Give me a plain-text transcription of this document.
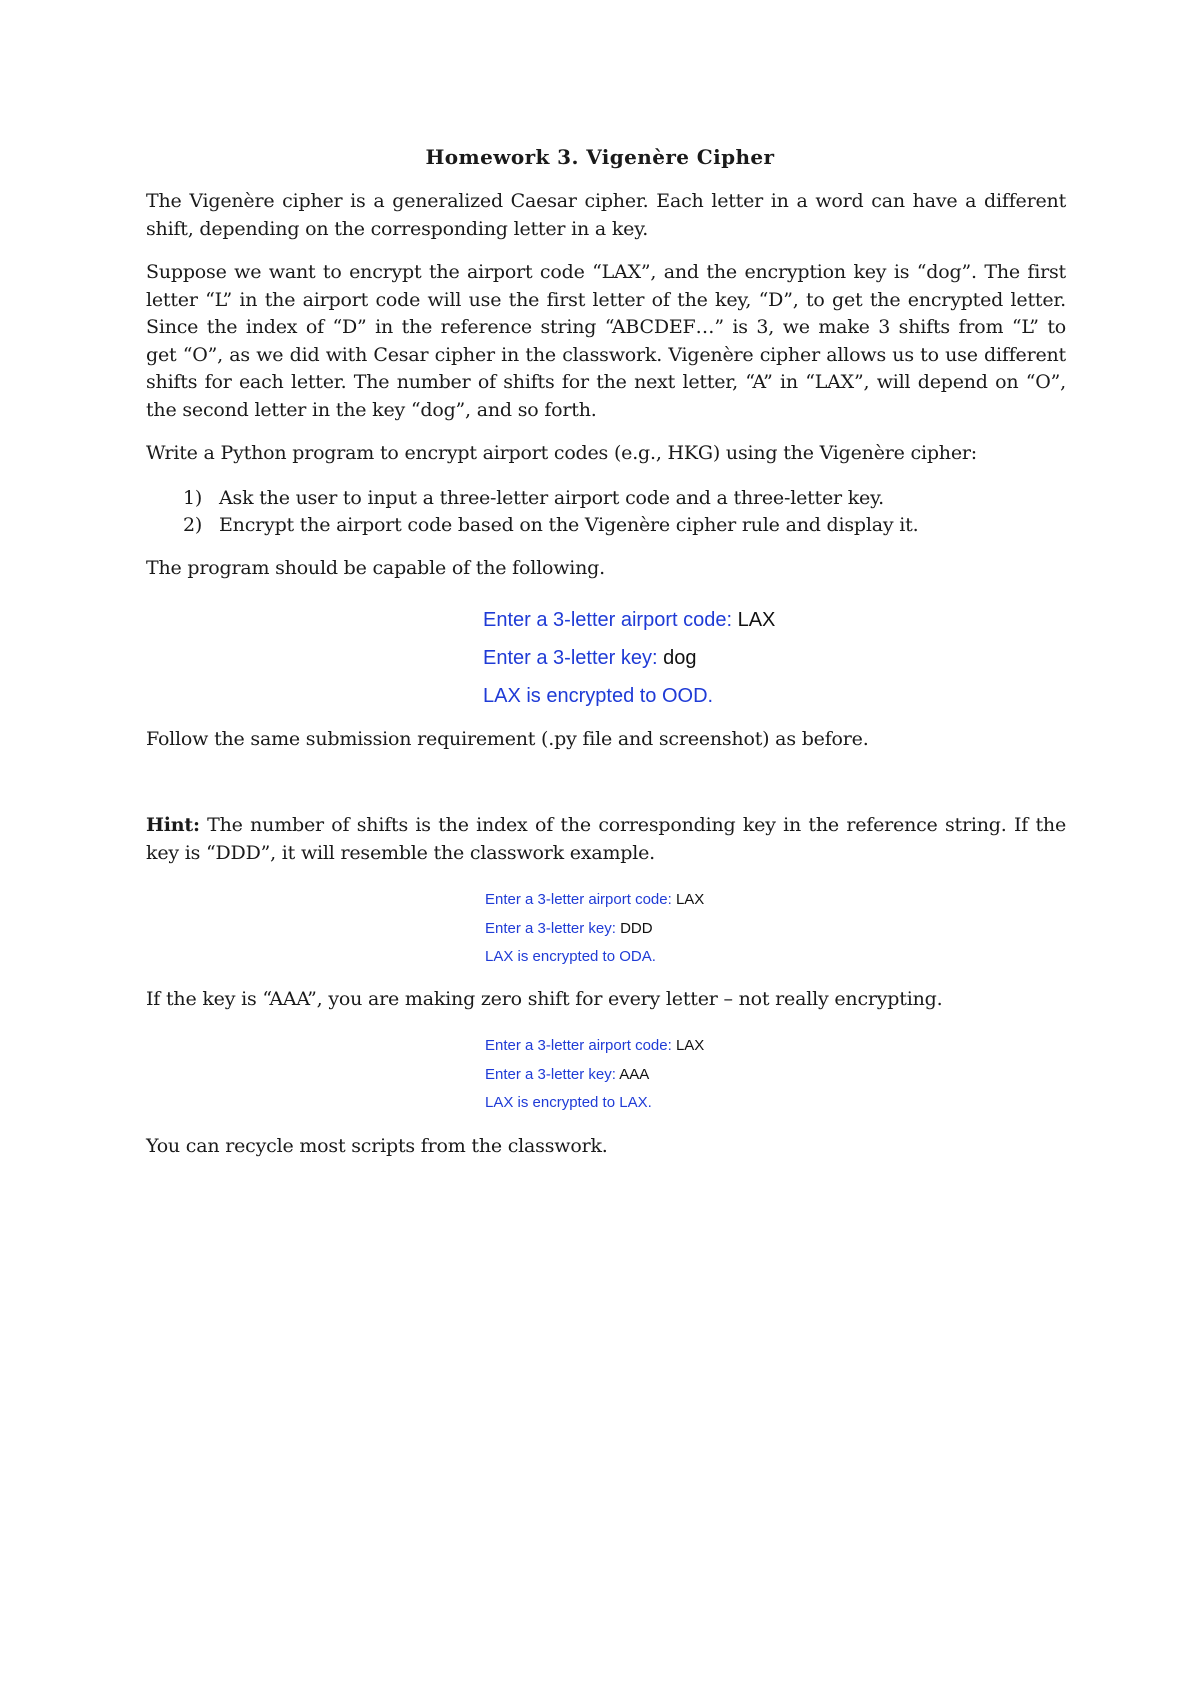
Homework 3. Vigenère Cipher

The Vigenère cipher is a generalized Caesar cipher. Each letter in a word can have a different
shift, depending on the corresponding letter in a key.

Suppose we want to encrypt the airport code “LAX”, and the encryption key is “dog”. The first
letter “L” in the airport code will use the first letter of the key, “D”, to get the encrypted letter.
Since the index of “D” in the reference string “ABCDEF…” is 3, we make 3 shifts from “L” to
get “O”, as we did with Cesar cipher in the classwork. Vigenère cipher allows us to use different
shifts for each letter. The number of shifts for the next letter, “A” in “LAX”, will depend on “O”,
the second letter in the key “dog”, and so forth.

Write a Python program to encrypt airport codes (e.g., HKG) using the Vigenère cipher:

1) Ask the user to input a three-letter airport code and a three-letter key.
2) Encrypt the airport code based on the Vigenère cipher rule and display it.

The program should be capable of the following.

Enter a 3-letter airport code: LAX
Enter a 3-letter key: dog
LAX is encrypted to OOD.

Follow the same submission requirement (.py file and screenshot) as before.

Hint: The number of shifts is the index of the corresponding key in the reference string. If the
key is “DDD”, it will resemble the classwork example.

Enter a 3-letter airport code: LAX
Enter a 3-letter key: DDD
LAX is encrypted to ODA.

If the key is “AAA”, you are making zero shift for every letter – not really encrypting.

Enter a 3-letter airport code: LAX
Enter a 3-letter key: AAA
LAX is encrypted to LAX.

You can recycle most scripts from the classwork.
